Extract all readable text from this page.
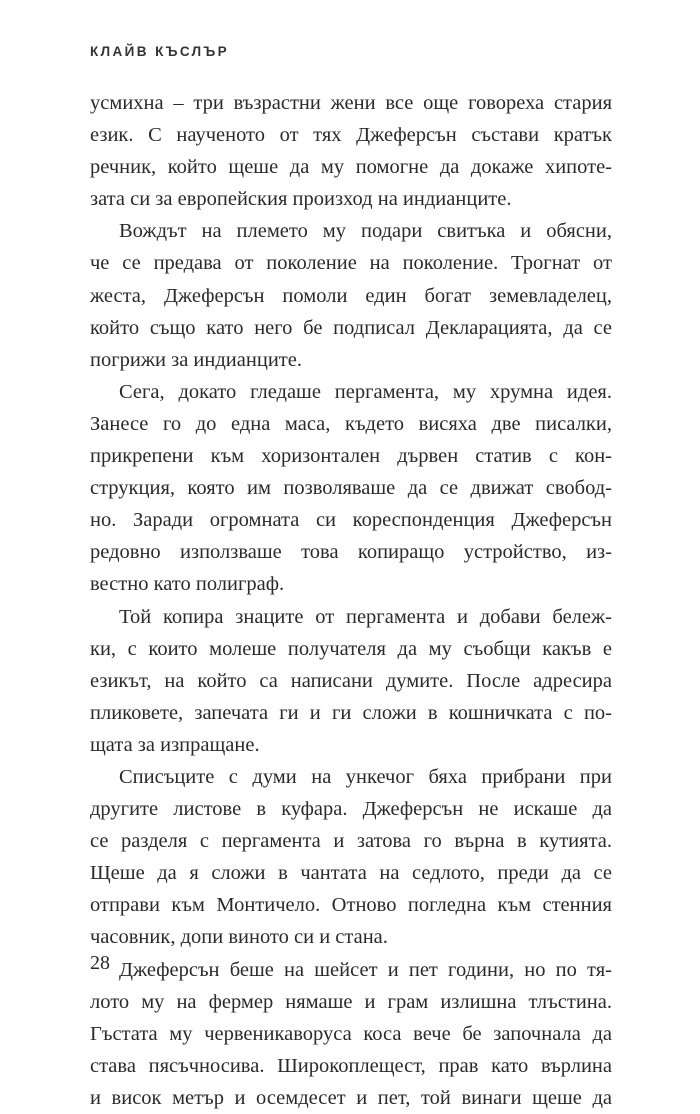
КЛАЙВ КЪСЛЪР
усмихна – три възрастни жени все още говореха стария
език. С наученото от тях Джеферсън състави кратък
речник, който щеше да му помогне да докаже хипоте-
зата си за европейския произход на индианците.
Вождът на племето му подари свитъка и обясни,
че се предава от поколение на поколение. Трогнат от
жеста, Джеферсън помоли един богат земевладелец,
който също като него бе подписал Декларацията, да се
погрижи за индианците.
Сега, докато гледаше пергамента, му хрумна идея.
Занесе го до една маса, където висяха две писалки,
прикрепени към хоризонтален дървен статив с кон-
струкция, която им позволяваше да се движат свобод-
но. Заради огромната си кореспонденция Джеферсън
редовно използваше това копиращо устройство, из-
вестно като полиграф.
Той копира знаците от пергамента и добави бележ-
ки, с които молеше получателя да му съобщи какъв е
езикът, на който са написани думите. После адресира
пликовете, запечата ги и ги сложи в кошничката с по-
щата за изпращане.
Списъците с думи на ункечог бяха прибрани при
другите листове в куфара. Джеферсън не искаше да
се разделя с пергамента и затова го върна в кутията.
Щеше да я сложи в чантата на седлото, преди да се
отправи към Монтичело. Отново погледна към стенния
часовник, допи виното си и стана.
Джеферсън беше на шейсет и пет години, но по тя-
лото му на фермер нямаше и грам излишна тлъстина.
Гъстата му червеникаворуса коса вече бе започнала да
става пясъчносива. Широкоплещест, прав като върлина
и висок метър и осемдесет и пет, той винаги щеше да
28
